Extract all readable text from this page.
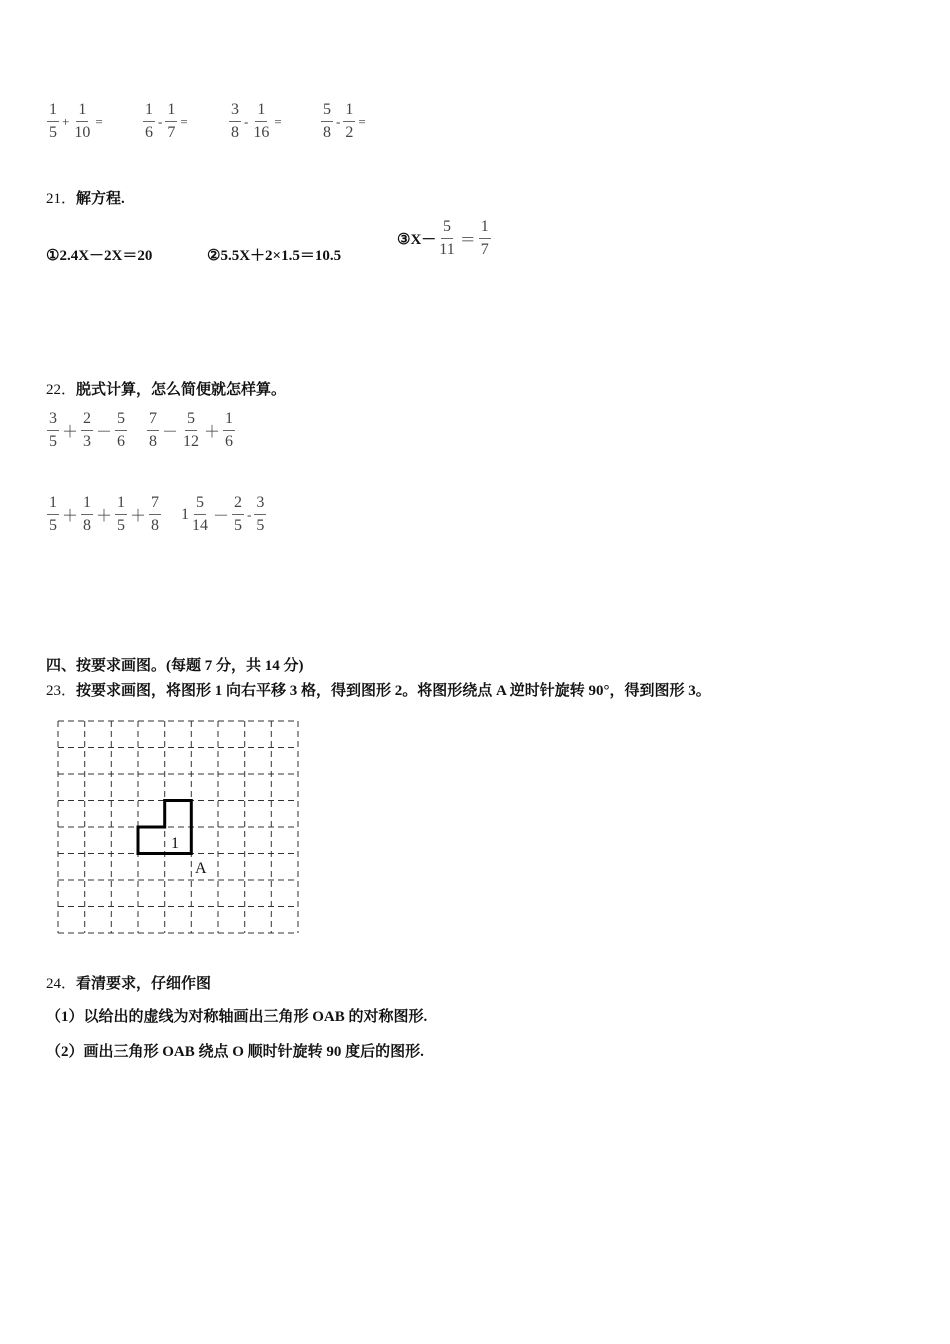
$\frac{1}{5} + \frac{1}{10}$ =	$\frac{1}{6} - \frac{1}{7}$ =	$\frac{3}{8} - \frac{1}{16} = \frac{5}{8} - \frac{1}{2}$ =
21．解方程.
①2.4X－2X＝20	②5.5X＋2×1.5＝10.5
③X－ $\frac{5}{11} = \frac{1}{7}$
22．脱式计算，怎么简便就怎样算。
$\frac{3}{5} + \frac{2}{3} - \frac{5}{6} \frac{7}{8} - \frac{5}{12} + \frac{1}{6}$
$\frac{1}{5} + \frac{1}{8} + \frac{1}{5} + \frac{7}{8} 1 \frac{5}{14} - \frac{2}{5} - \frac{3}{5}$
四、按要求画图。(每题 7 分，共 14 分)
23．按要求画图，将图形 1 向右平移 3 格，得到图形 2。将图形绕点 A 逆时针旋转 90°，得到图形 3。
1
A
24．看清要求，仔细作图
（1）以给出的虚线为对称轴画出三角形 OAB 的对称图形.
（2）画出三角形 OAB 绕点 O 顺时针旋转 90 度后的图形.
